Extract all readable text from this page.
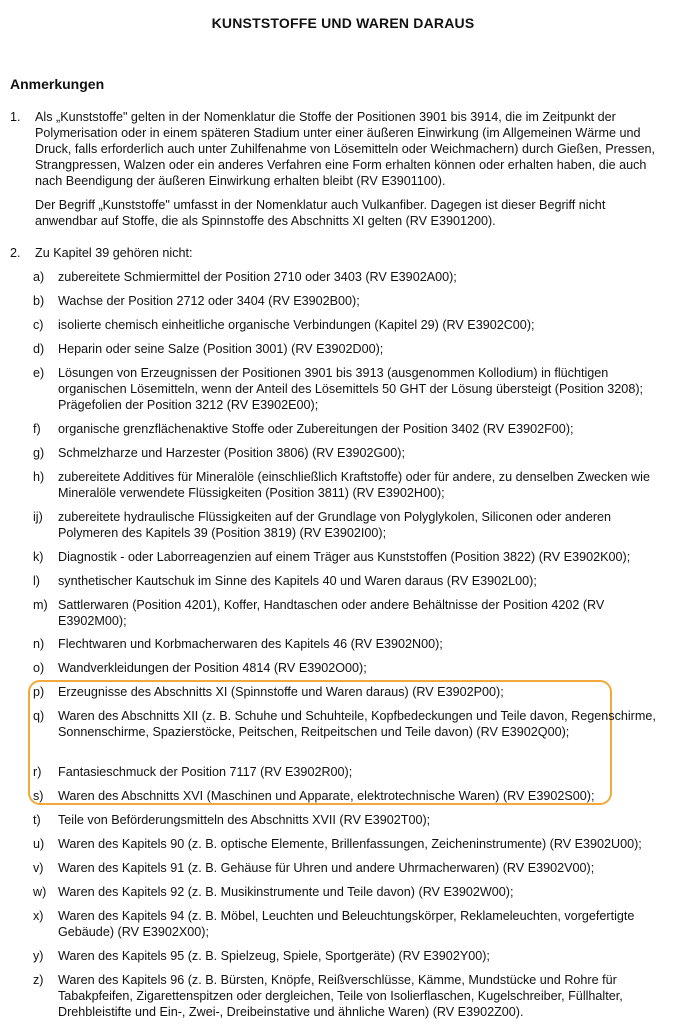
KUNSTSTOFFE UND WAREN DARAUS
Anmerkungen
1. Als „Kunststoffe" gelten in der Nomenklatur die Stoffe der Positionen 3901 bis 3914, die im Zeitpunkt der Polymerisation oder in einem späteren Stadium unter einer äußeren Einwirkung (im Allgemeinen Wärme und Druck, falls erforderlich auch unter Zuhilfenahme von Lösemitteln oder Weichmachern) durch Gießen, Pressen, Strangpressen, Walzen oder ein anderes Verfahren eine Form erhalten können oder erhalten haben, die auch nach Beendigung der äußeren Einwirkung erhalten bleibt (RV E3901100).
Der Begriff „Kunststoffe" umfasst in der Nomenklatur auch Vulkanfiber. Dagegen ist dieser Begriff nicht anwendbar auf Stoffe, die als Spinnstoffe des Abschnitts XI gelten (RV E3901200).
2. Zu Kapitel 39 gehören nicht:
a)	zubereitete Schmiermittel der Position 2710 oder 3403 (RV E3902A00);
b)	Wachse der Position 2712 oder 3404 (RV E3902B00);
c)	isolierte chemisch einheitliche organische Verbindungen (Kapitel 29) (RV E3902C00);
d)	Heparin oder seine Salze (Position 3001) (RV E3902D00);
e)	Lösungen von Erzeugnissen der Positionen 3901 bis 3913 (ausgenommen Kollodium) in flüchtigen organischen Lösemitteln, wenn der Anteil des Lösemittels 50 GHT der Lösung übersteigt (Position 3208); Prägefolien der Position 3212 (RV E3902E00);
f)	organische grenzflächenaktive Stoffe oder Zubereitungen der Position 3402 (RV E3902F00);
g)	Schmelzharze und Harzester (Position 3806) (RV E3902G00);
h)	zubereitete Additives für Mineralöle (einschließlich Kraftstoffe) oder für andere, zu denselben Zwecken wie Mineralöle verwendete Flüssigkeiten (Position 3811) (RV E3902H00);
ij)	zubereitete hydraulische Flüssigkeiten auf der Grundlage von Polyglykolen, Siliconen oder anderen Polymeren des Kapitels 39 (Position 3819) (RV E3902I00);
k)	Diagnostik - oder Laborreagenzien auf einem Träger aus Kunststoffen (Position 3822) (RV E3902K00);
l)	synthetischer Kautschuk im Sinne des Kapitels 40 und Waren daraus (RV E3902L00);
m) Sattlerwaren (Position 4201), Koffer, Handtaschen oder andere Behältnisse der Position 4202 (RV E3902M00);
n)	Flechtwaren und Korbmacherwaren des Kapitels 46 (RV E3902N00);
o)	Wandverkleidungen der Position 4814 (RV E3902O00);
p)	Erzeugnisse des Abschnitts XI (Spinnstoffe und Waren daraus) (RV E3902P00);
q)	Waren des Abschnitts XII (z. B. Schuhe und Schuhteile, Kopfbedeckungen und Teile davon, Regenschirme, Sonnenschirme, Spazierstöcke, Peitschen, Reitpeitschen und Teile davon) (RV E3902Q00);
r)	Fantasieschmuck der Position 7117 (RV E3902R00);
s)	Waren des Abschnitts XVI (Maschinen und Apparate, elektrotechnische Waren) (RV E3902S00);
t)	Teile von Beförderungsmitteln des Abschnitts XVII (RV E3902T00);
u)	Waren des Kapitels 90 (z. B. optische Elemente, Brillenfassungen, Zeicheninstrumente) (RV E3902U00);
v)	Waren des Kapitels 91 (z. B. Gehäuse für Uhren und andere Uhrmacherwaren) (RV E3902V00);
w) Waren des Kapitels 92 (z. B. Musikinstrumente und Teile davon) (RV E3902W00);
x)	Waren des Kapitels 94 (z. B. Möbel, Leuchten und Beleuchtungskörper, Reklameleuchten, vorgefertigte Gebäude) (RV E3902X00);
y)	Waren des Kapitels 95 (z. B. Spielzeug, Spiele, Sportgeräte) (RV E3902Y00);
z)	Waren des Kapitels 96 (z. B. Bürsten, Knöpfe, Reißverschlüsse, Kämme, Mundstücke und Rohre für Tabakpfeifen, Zigarettenspitzen oder dergleichen, Teile von Isolierflaschen, Kugelschreiber, Füllhalter, Drehbleistifte und Ein-, Zwei-, Dreibeinstative und ähnliche Waren) (RV E3902Z00).
